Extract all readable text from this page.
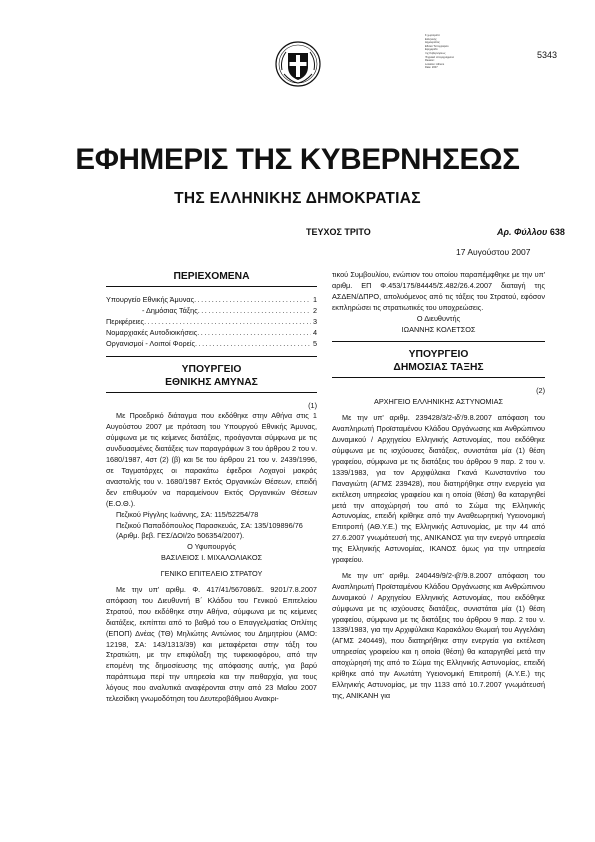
Σ.χωρίσματα
Ελληνικής
Δημοκρατίας
Εθνικό Τυπογραφείο
Εφημερίδα
της Κυβερνήσεως
Ψηφιακά υπογεγραμμένο
Reason:
Location: Athens
Date: 2007
5343
ΕΦΗΜΕΡΙΣ ΤΗΣ ΚΥΒΕΡΝΗΣΕΩΣ
ΤΗΣ ΕΛΛΗΝΙΚΗΣ ΔΗΜΟΚΡΑΤΙΑΣ
ΤΕΥΧΟΣ ΤΡΙΤΟ	Αρ. Φύλλου 638
17 Αυγούστου 2007
ΠΕΡΙΕΧΟΜΕΝΑ
Υπουργείο Εθνικής Άμυνας .....	1
- Δημόσιας Τάξης .....	2
Περιφέρειες .....	3
Νομαρχιακές Αυτοδιοικήσεις .....	4
Οργανισμοί - Λοιποί Φορείς .....	5
ΥΠΟΥΡΓΕΙΟ
ΕΘΝΙΚΗΣ ΑΜΥΝΑΣ
(1)
Με Προεδρικό διάταγμα που εκδόθηκε στην Αθήνα στις 1 Αυγούστου 2007 με πρόταση του Υπουργού Εθνικής Άμυνας, σύμφωνα με τις κείμενες διατάξεις, προάγονται σύμφωνα με τις συνδυασμένες διατάξεις των παραγράφων 3 του άρθρου 2 του ν. 1680/1987, 4στ (2) (β) και 5ε του άρθρου 21 του ν. 2439/1996, σε Ταγματάρχες οι παρακάτω έφεδροι Λοχαγοί μακράς αναστολής του ν. 1680/1987 Εκτός Οργανικών Θέσεων, επειδή δεν επιθυμούν να παραμείνουν Εκτός Οργανικών Θέσεων (Ε.Ο.Θ.).
Πεζικού Ρίγγλης Ιωάννης, ΣΑ: 115/52254/78
Πεζικού Παπαδόπουλος Παρασκευάς, ΣΑ: 135/109896/76
(Αριθμ. βεβ. ΓΕΣ/ΔΟΙ/2ο 506354/2007).
Ο Υφυπουργός
ΒΑΣΙΛΕΙΟΣ Ι. ΜΙΧΑΛΟΛΙΑΚΟΣ
ΓΕΝΙΚΟ ΕΠΙΤΕΛΕΙΟ ΣΤΡΑΤΟΥ
Με την υπ' αριθμ. Φ. 417/41/567086/Σ. 9201/7.8.2007 απόφαση του Διευθυντή Β΄ Κλάδου του Γενικού Επιτελείου Στρατού, που εκδόθηκε στην Αθήνα, σύμφωνα με τις κείμενες διατάξεις, εκπίπτει από το βαθμό του ο Επαγγελματίας Οπλίτης (ΕΠΟΠ) Δνέας (ΤΘ) Μηλιώτης Αντώνιος του Δημητρίου (ΑΜΟ: 12198, ΣΑ: 143/1313/39) και μεταφέρεται στην τάξη του Στρατιώτη, με την επιφύλαξη της τυφεκιοφόρου, από την επομένη της δημοσίευσης της απόφασης αυτής, για βαρύ παράπτωμα περί την υπηρεσία και την πειθαρχία, για τους λόγους που αναλυτικά αναφέρονται στην από 23 Μαΐου 2007 τελεσίδικη γνωμοδότηση του Δευτεροβάθμιου Ανακρι-
τικού Συμβουλίου, ενώπιον του οποίου παραπέμφθηκε με την υπ' αριθμ. ΕΠ Φ.453/175/84445/Σ.482/26.4.2007 διαταγή της ΑΣΔΕΝ/ΔΠΡΟ, απολυόμενος από τις τάξεις του Στρατού, εφόσον εκπληρώσει τις στρατιωτικές του υποχρεώσεις.
Ο Διευθυντής
ΙΩΑΝΝΗΣ ΚΟΛΕΤΣΟΣ
ΥΠΟΥΡΓΕΙΟ
ΔΗΜΟΣΙΑΣ ΤΑΞΗΣ
(2)
ΑΡΧΗΓΕΙΟ ΕΛΛΗΝΙΚΗΣ ΑΣΤΥΝΟΜΙΑΣ
Με την υπ' αριθμ. 239428/3/2-ιδ'/9.8.2007 απόφαση του Αναπληρωτή Προϊσταμένου Κλάδου Οργάνωσης και Ανθρώπινου Δυναμικού / Αρχηγείου Ελληνικής Αστυνομίας, που εκδόθηκε σύμφωνα με τις ισχύουσες διατάξεις, συνιστάται μία (1) θέση γραφείου, σύμφωνα με τις διατάξεις του άρθρου 9 παρ. 2 του ν. 1339/1983, για τον Αρχιφύλακα Γκανά Κωνσταντίνο του Παναγιώτη (ΑΓΜΣ 239428), που διατηρήθηκε στην ενεργεία για εκτέλεση υπηρεσίας γραφείου και η οποία (θέση) θα καταργηθεί μετά την αποχώρησή του από το Σώμα της Ελληνικής Αστυνομίας, επειδή κρίθηκε από την Αναθεωρητική Υγειονομική Επιτροπή (ΑΘ.Υ.Ε.) της Ελληνικής Αστυνομίας, με την 44 από 27.6.2007 γνωμάτευσή της, ΑΝΙΚΑΝΟΣ για την ενεργό υπηρεσία της Ελληνικής Αστυνομίας, ΙΚΑΝΟΣ όμως για την υπηρεσία γραφείου.
Με την υπ' αριθμ. 240449/9/2-ιβ'/9.8.2007 απόφαση του Αναπληρωτή Προϊσταμένου Κλάδου Οργάνωσης και Ανθρώπινου Δυναμικού / Αρχηγείου Ελληνικής Αστυνομίας, που εκδόθηκε σύμφωνα με τις ισχύουσες διατάξεις, συνιστάται μία (1) θέση γραφείου, σύμφωνα με τις διατάξεις του άρθρου 9 παρ. 2 του ν. 1339/1983, για την Αρχιφύλακα Καρακάλου Θωμαή του Αγγελάκη (ΑΓΜΣ 240449), που διατηρήθηκε στην ενεργεία για εκτέλεση υπηρεσίας γραφείου και η οποία (θέση) θα καταργηθεί μετά την αποχώρησή της από το Σώμα της Ελληνικής Αστυνομίας, επειδή κρίθηκε από την Ανωτάτη Υγειονομική Επιτροπή (Α.Υ.Ε.) της Ελληνικής Αστυνομίας, με την 1133 από 10.7.2007 γνωμάτευσή της, ΑΝΙΚΑΝΗ για
